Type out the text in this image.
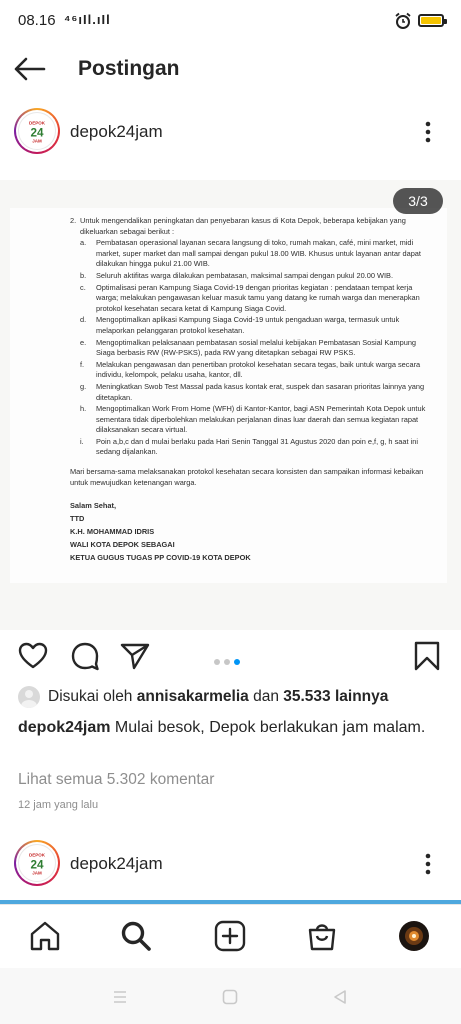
08.16 ⁴⁶ıIl.ıIl
Postingan
DEPOK
24
JAM
depok24jam
2. Untuk mengendalikan peningkatan dan penyebaran kasus di Kota Depok, beberapa kebijakan yang dikeluarkan sebagai berikut :

a. Pembatasan operasional layanan secara langsung di toko, rumah makan, café, mini market, midi market, super market dan mall sampai dengan pukul 18.00 WIB. Khusus untuk layanan antar dapat dilakukan hingga pukul 21.00 WIB.

b. Seluruh aktifitas warga dilakukan pembatasan, maksimal sampai dengan pukul 20.00 WIB.

c. Optimalisasi peran Kampung Siaga Covid-19 dengan prioritas kegiatan : pendataan tempat kerja warga; melakukan pengawasan keluar masuk tamu yang datang ke rumah warga dan menerapkan protokol kesehatan secara ketat di Kampung Siaga Covid.

d. Mengoptimalkan aplikasi Kampung Siaga Covid-19 untuk pengaduan warga, termasuk untuk melaporkan pelanggaran protokol kesehatan.

e. Mengoptimalkan pelaksanaan pembatasan sosial melalui kebijakan Pembatasan Sosial Kampung Siaga berbasis RW (RW-PSKS), pada RW yang ditetapkan sebagai RW PSKS.

f. Melakukan pengawasan dan penertiban protokol kesehatan secara tegas, baik untuk warga secara individu, kelompok, pelaku usaha, kantor, dll.

g. Meningkatkan Swob Test Massal pada kasus kontak erat, suspek dan sasaran prioritas lainnya yang ditetapkan.

h. Mengoptimalkan Work From Home (WFH) di Kantor-Kantor, bagi ASN Pemerintah Kota Depok untuk sementara tidak diperbolehkan melakukan perjalanan dinas luar daerah dan semua kegiatan rapat dilaksanakan secara virtual.

i. Poin a,b,c dan d mulai berlaku pada Hari Senin Tanggal 31 Agustus 2020 dan poin e,f, g, h saat ini sedang dijalankan.

Mari bersama-sama melaksanakan protokol kesehatan secara konsisten dan sampaikan informasi kebaikan untuk mewujudkan ketenangan warga.

Salam Sehat,
TTD
K.H. MOHAMMAD IDRIS
WALI KOTA DEPOK SEBAGAI
KETUA GUGUS TUGAS PP COVID-19 KOTA DEPOK
3/3
Disukai oleh annisakarmelia dan 35.533 lainnya
depok24jam Mulai besok, Depok berlakukan jam malam.
Lihat semua 5.302 komentar
12 jam yang lalu
DEPOK
24
JAM
depok24jam
